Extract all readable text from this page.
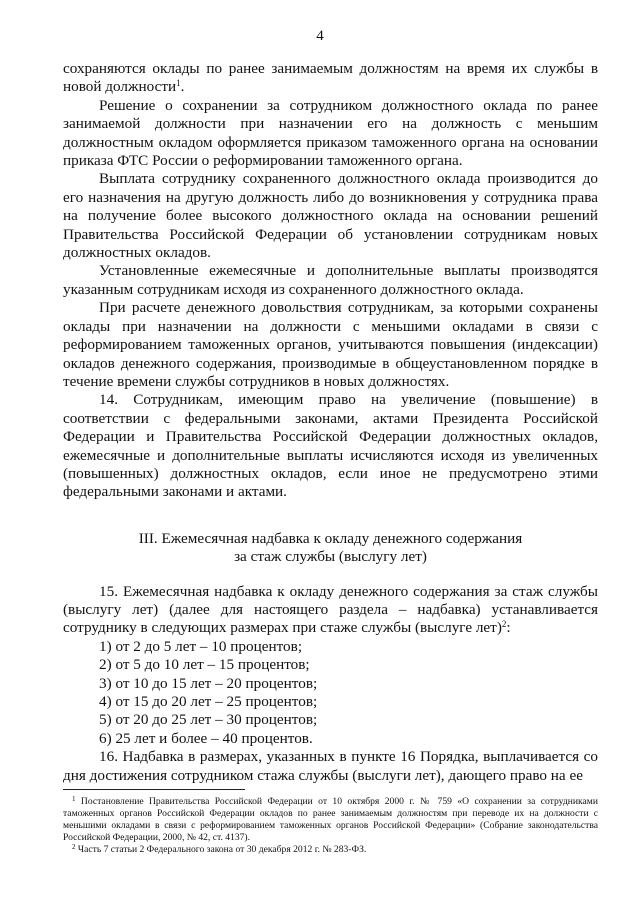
4

сохраняются оклады по ранее занимаемым должностям на время их службы в новой должности$^1$.

Решение о сохранении за сотрудником должностного оклада по ранее занимаемой должности при назначении его на должность с меньшим должностным окладом оформляется приказом таможенного органа на основании приказа ФТС России о реформировании таможенного органа.

Выплата сотруднику сохраненного должностного оклада производится до его назначения на другую должность либо до возникновения у сотрудника права на получение более высокого должностного оклада на основании решений Правительства Российской Федерации об установлении сотрудникам новых должностных окладов.

Установленные ежемесячные и дополнительные выплаты производятся указанным сотрудникам исходя из сохраненного должностного оклада.

При расчете денежного довольствия сотрудникам, за которыми сохранены оклады при назначении на должности с меньшими окладами в связи с реформированием таможенных органов, учитываются повышения (индексации) окладов денежного содержания, производимые в общеустановленном порядке в течение времени службы сотрудников в новых должностях.

14. Сотрудникам, имеющим право на увеличение (повышение) в соответствии с федеральными законами, актами Президента Российской Федерации и Правительства Российской Федерации должностных окладов, ежемесячные и дополнительные выплаты исчисляются исходя из увеличенных (повышенных) должностных окладов, если иное не предусмотрено этими федеральными законами и актами.

III. Ежемесячная надбавка к окладу денежного содержания
за стаж службы (выслугу лет)

15. Ежемесячная надбавка к окладу денежного содержания за стаж службы (выслугу лет) (далее для настоящего раздела – надбавка) устанавливается сотруднику в следующих размерах при стаже службы (выслуге лет)$^2$:

1) от 2 до 5 лет – 10 процентов;
2) от 5 до 10 лет – 15 процентов;
3) от 10 до 15 лет – 20 процентов;
4) от 15 до 20 лет – 25 процентов;
5) от 20 до 25 лет – 30 процентов;
6) 25 лет и более – 40 процентов.

16. Надбавка в размерах, указанных в пункте 16 Порядка, выплачивается со дня достижения сотрудником стажа службы (выслуги лет), дающего право на ее

$^1$ Постановление Правительства Российской Федерации от 10 октября 2000 г. № 759 «О сохранении за сотрудниками таможенных органов Российской Федерации окладов по ранее занимаемым должностям при переводе их на должности с меньшими окладами в связи с реформированием таможенных органов Российской Федерации» (Собрание законодательства Российской Федерации, 2000, № 42, ст. 4137).

$^2$ Часть 7 статьи 2 Федерального закона от 30 декабря 2012 г. № 283-ФЗ.
